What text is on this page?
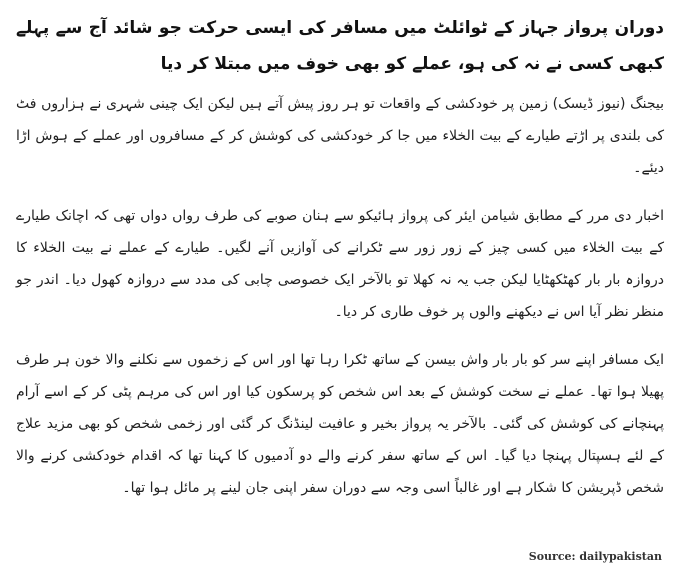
دوران پرواز جہاز کے ٹوائلٹ میں مسافر کی ایسی حرکت جو شائد آج سے پہلے کبھی کسی نے نہ کی ہو، عملے کو بھی خوف میں مبتلا کر دیا

بیجنگ (نیوز ڈیسک) زمین پر خودکشی کے واقعات تو ہر روز پیش آتے ہیں لیکن ایک چینی شہری نے ہزاروں فٹ کی بلندی پر اڑتے طیارے کے بیت الخلاء میں جا کر خودکشی کی کوشش کر کے مسافروں اور عملے کے ہوش اڑا دیئے۔

اخبار دی مرر کے مطابق شیامن ایئر کی پرواز ہائیکو سے ہنان صوبے کی طرف رواں دواں تھی کہ اچانک طیارے کے بیت الخلاء میں کسی چیز کے زور زور سے ٹکرانے کی آوازیں آنے لگیں۔ طیارے کے عملے نے بیت الخلاء کا دروازہ بار بار کھٹکھٹایا لیکن جب یہ نہ کھلا تو بالآخر ایک خصوصی چابی کی مدد سے دروازہ کھول دیا۔ اندر جو منظر نظر آیا اس نے دیکھنے والوں پر خوف طاری کر دیا۔

ایک مسافر اپنے سر کو بار بار واش بیسن کے ساتھ ٹکرا رہا تھا اور اس کے زخموں سے نکلنے والا خون ہر طرف پھیلا ہوا تھا۔ عملے نے سخت کوشش کے بعد اس شخص کو پرسکون کیا اور اس کی مرہم پٹی کر کے اسے آرام پہنچانے کی کوشش کی گئی۔ بالآخر یہ پرواز بخیر و عافیت لینڈنگ کر گئی اور زخمی شخص کو بھی مزید علاج کے لئے ہسپتال پہنچا دیا گیا۔ اس کے ساتھ سفر کرنے والے دو آدمیوں کا کہنا تھا کہ اقدام خودکشی کرنے والا شخص ڈپریشن کا شکار ہے اور غالباً اسی وجہ سے دوران سفر اپنی جان لینے پر مائل ہوا تھا۔

Source: dailypakistan
